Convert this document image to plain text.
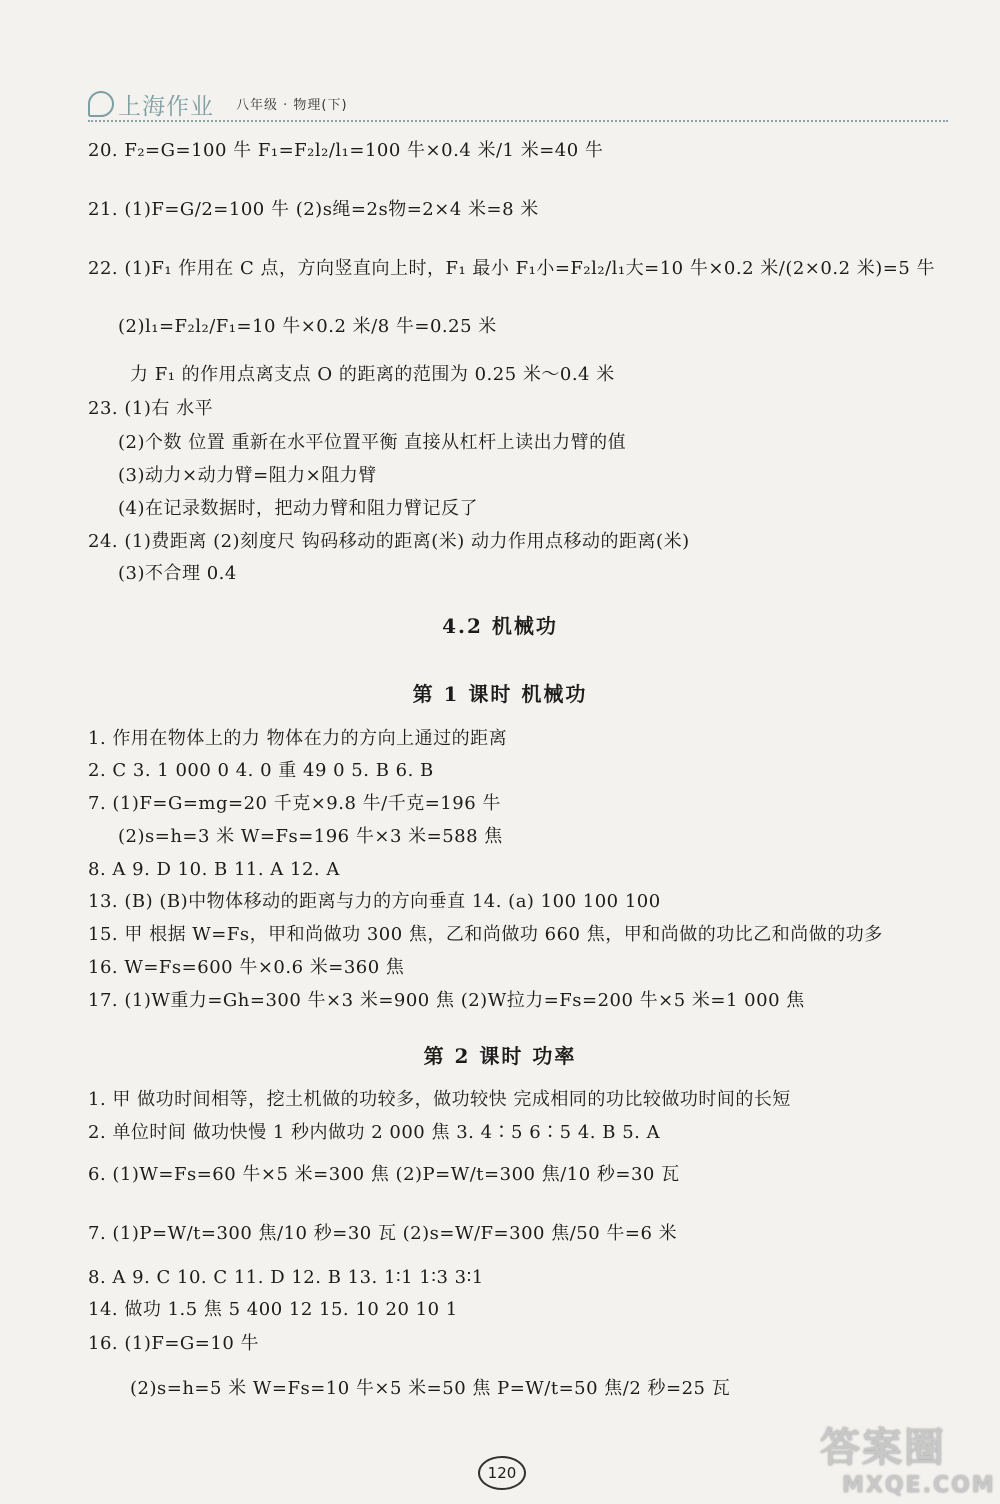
上海作业 八年级 · 物理(下)
20. F₂=G=100 牛 F₁=F₂l₂/l₁=100 牛×0.4 米/1 米=40 牛
21. (1)F=G/2=100 牛 (2)s绳=2s物=2×4 米=8 米
22. (1)F₁ 作用在 C 点，方向竖直向上时，F₁ 最小 F₁小=F₂l₂/l₁大=10 牛×0.2 米/(2×0.2 米)=5 牛
(2)l₁=F₂l₂/F₁=10 牛×0.2 米/8 牛=0.25 米
力 F₁ 的作用点离支点 O 的距离的范围为 0.25 米～0.4 米
23. (1)右 水平
(2)个数 位置 重新在水平位置平衡 直接从杠杆上读出力臂的值
(3)动力×动力臂=阻力×阻力臂
(4)在记录数据时，把动力臂和阻力臂记反了
24. (1)费距离 (2)刻度尺 钩码移动的距离(米) 动力作用点移动的距离(米)
(3)不合理 0.4
4.2 机械功
第 1 课时 机械功
1. 作用在物体上的力 物体在力的方向上通过的距离
2. C 3. 1 000 0 4. 0 重 49 0 5. B 6. B
7. (1)F=G=mg=20 千克×9.8 牛/千克=196 牛
(2)s=h=3 米 W=Fs=196 牛×3 米=588 焦
8. A 9. D 10. B 11. A 12. A
13. (B) (B)中物体移动的距离与力的方向垂直 14. (a) 100 100 100
15. 甲 根据 W=Fs，甲和尚做功 300 焦，乙和尚做功 660 焦，甲和尚做的功比乙和尚做的功多
16. W=Fs=600 牛×0.6 米=360 焦
17. (1)W重力=Gh=300 牛×3 米=900 焦 (2)W拉力=Fs=200 牛×5 米=1 000 焦
第 2 课时 功率
1. 甲 做功时间相等，挖土机做的功较多，做功较快 完成相同的功比较做功时间的长短
2. 单位时间 做功快慢 1 秒内做功 2 000 焦 3. 4∶5 6∶5 4. B 5. A
6. (1)W=Fs=60 牛×5 米=300 焦 (2)P=W/t=300 焦/10 秒=30 瓦
7. (1)P=W/t=300 焦/10 秒=30 瓦 (2)s=W/F=300 焦/50 牛=6 米
8. A 9. C 10. C 11. D 12. B 13. 1∶1 1∶3 3∶1
14. 做功 1.5 焦 5 400 12 15. 10 20 10 1
16. (1)F=G=10 牛
(2)s=h=5 米 W=Fs=10 牛×5 米=50 焦 P=W/t=50 焦/2 秒=25 瓦
120
答案圈
MXQE.COM
